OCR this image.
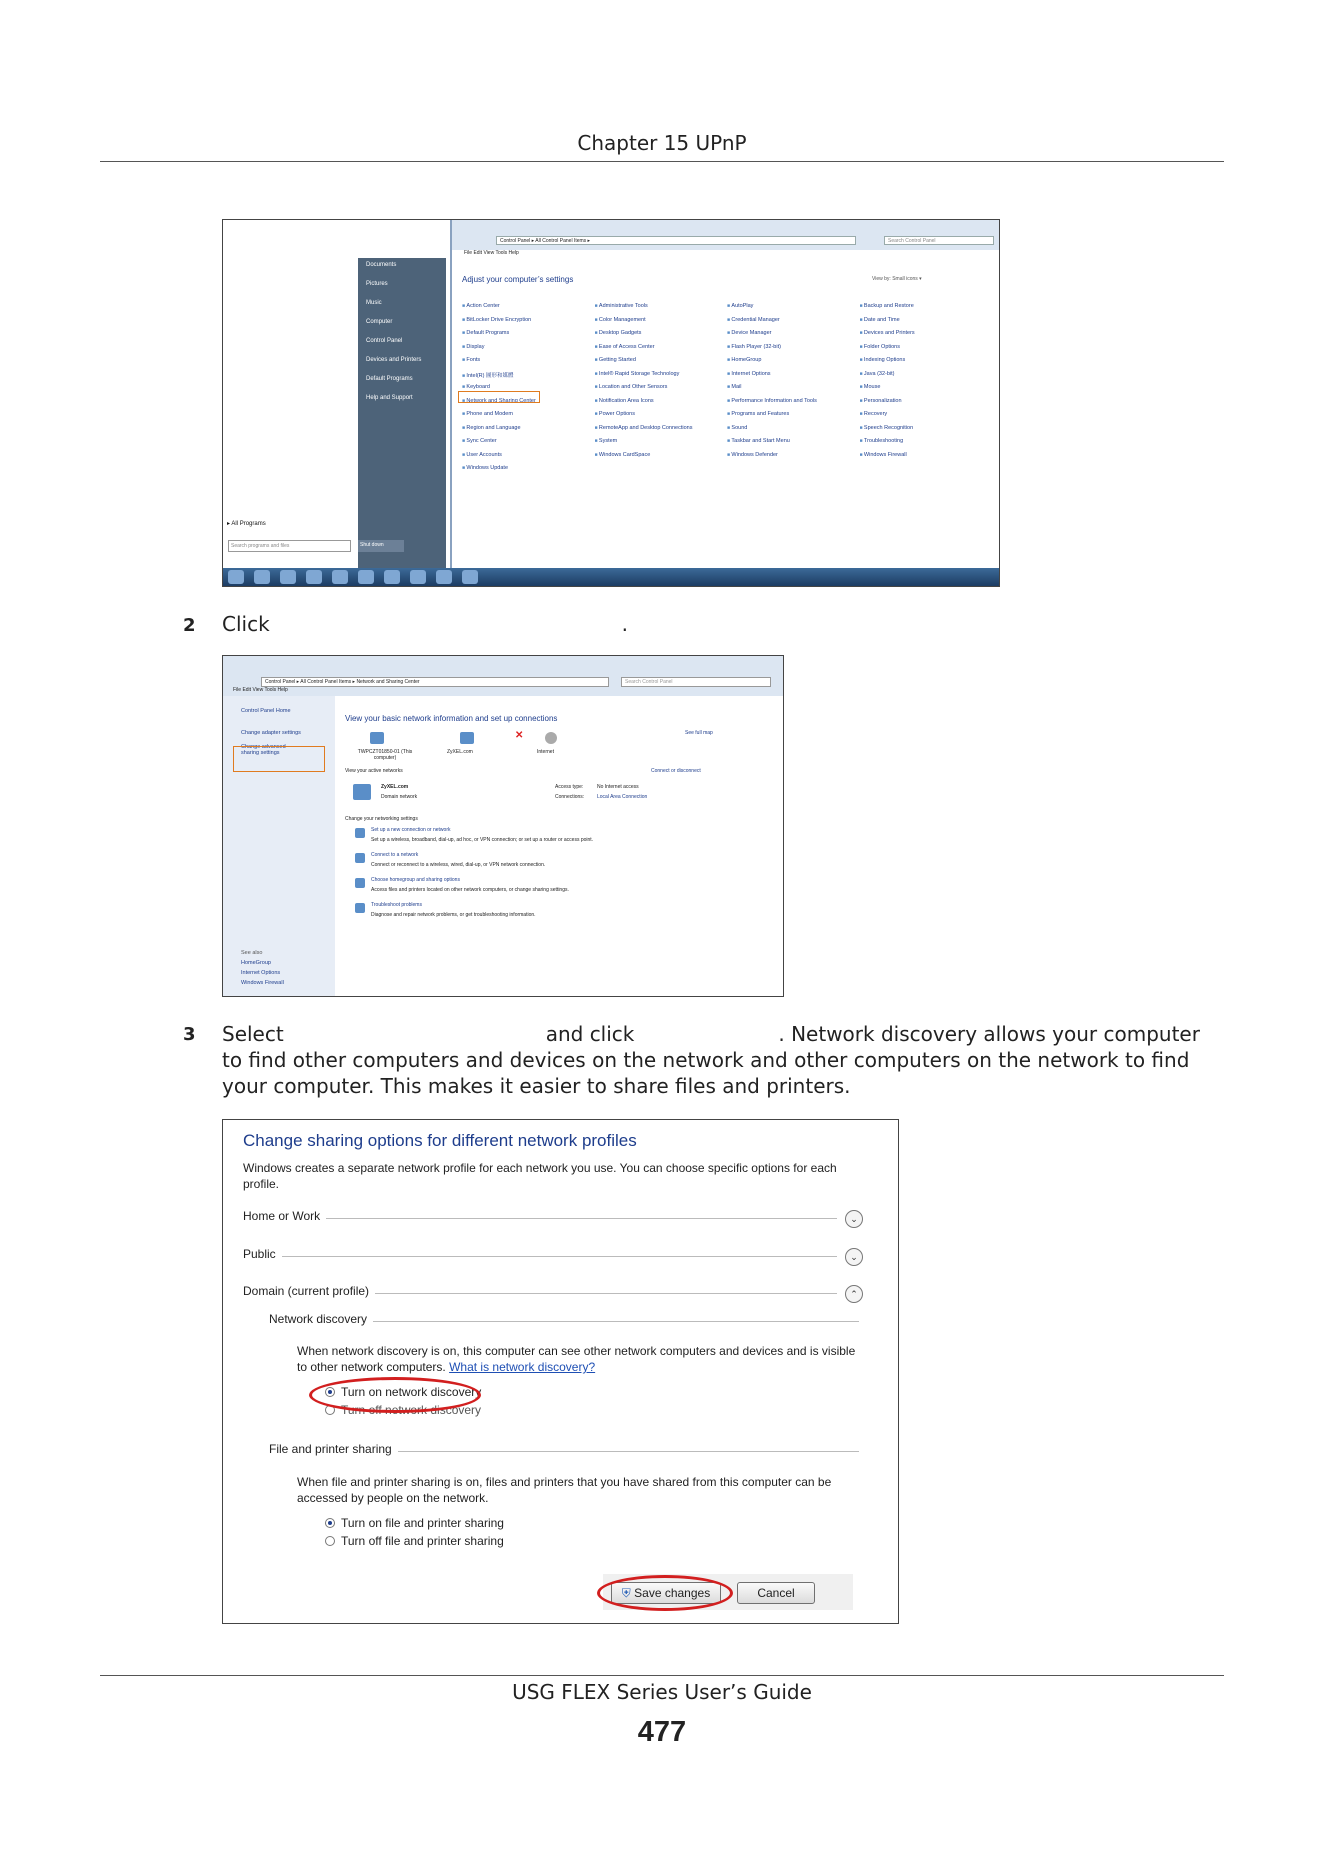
Chapter 15 UPnP
Documents
Pictures
Music
Computer
Control Panel
Devices and Printers
Default Programs
Help and Support
▸ All Programs
Search programs and files	Shut down
Control Panel ▸ All Control Panel Items ▸	Search Control Panel
File Edit View Tools Help
Adjust your computer’s settings	View by: Small icons ▾
■ Action Center	■ Administrative Tools	■ AutoPlay	■ Backup and Restore
■ BitLocker Drive Encryption	■ Color Management	■ Credential Manager	■ Date and Time
■ Default Programs	■ Desktop Gadgets	■ Device Manager	■ Devices and Printers
■ Display	■ Ease of Access Center	■ Flash Player (32-bit)	■ Folder Options
■ Fonts	■ Getting Started	■ HomeGroup	■ Indexing Options
■ Intel(R) 圖形和媒體	■ Intel® Rapid Storage Technology	■ Internet Options	■ Java (32-bit)
■ Keyboard	■ Location and Other Sensors	■ Mail	■ Mouse
■ Network and Sharing Center	■ Notification Area Icons	■ Performance Information and Tools	■ Personalization
■ Phone and Modem	■ Power Options	■ Programs and Features	■ Recovery
■ Region and Language	■ RemoteApp and Desktop Connections	■ Sound	■ Speech Recognition
■ Sync Center	■ System	■ Taskbar and Start Menu	■ Troubleshooting
■ User Accounts	■ Windows CardSpace	■ Windows Defender	■ Windows Firewall
■ Windows Update
2 Click	.
Control Panel ▸ All Control Panel Items ▸ Network and Sharing Center	Search Control Panel
File Edit View Tools Help
Control Panel Home
Change adapter settings
Change advanced sharing settings
See also
HomeGroup
Internet Options
Windows Firewall
View your basic network information and set up connections
See full map
✕
TWPCZT01850-01 (This computer)
ZyXEL.com	Internet
View your active networks	Connect or disconnect
ZyXEL.com
Domain network
Access type:	No Internet access
Connections:	Local Area Connection
Change your networking settings
Set up a new connection or network
Set up a wireless, broadband, dial-up, ad hoc, or VPN connection; or set up a router or access point.
Connect to a network
Connect or reconnect to a wireless, wired, dial-up, or VPN network connection.
Choose homegroup and sharing options
Access files and printers located on other network computers, or change sharing settings.
Troubleshoot problems
Diagnose and repair network problems, or get troubleshooting information.
3 Select	and click	. Network discovery allows your computer to find other computers and devices on the network and other computers on the network to find your computer. This makes it easier to share files and printers.
Change sharing options for different network profiles
Windows creates a separate network profile for each network you use. You can choose specific options for each profile.
Home or Work	⌄
Public	⌄
Domain (current profile)	⌃
Network discovery
When network discovery is on, this computer can see other network computers and devices and is visible to other network computers. What is network discovery?
Turn on network discovery
Turn off network discovery
File and printer sharing
When file and printer sharing is on, files and printers that you have shared from this computer can be accessed by people on the network.
Turn on file and printer sharing
Turn off file and printer sharing
⛨ Save changes	Cancel
USG FLEX Series User’s Guide
477
